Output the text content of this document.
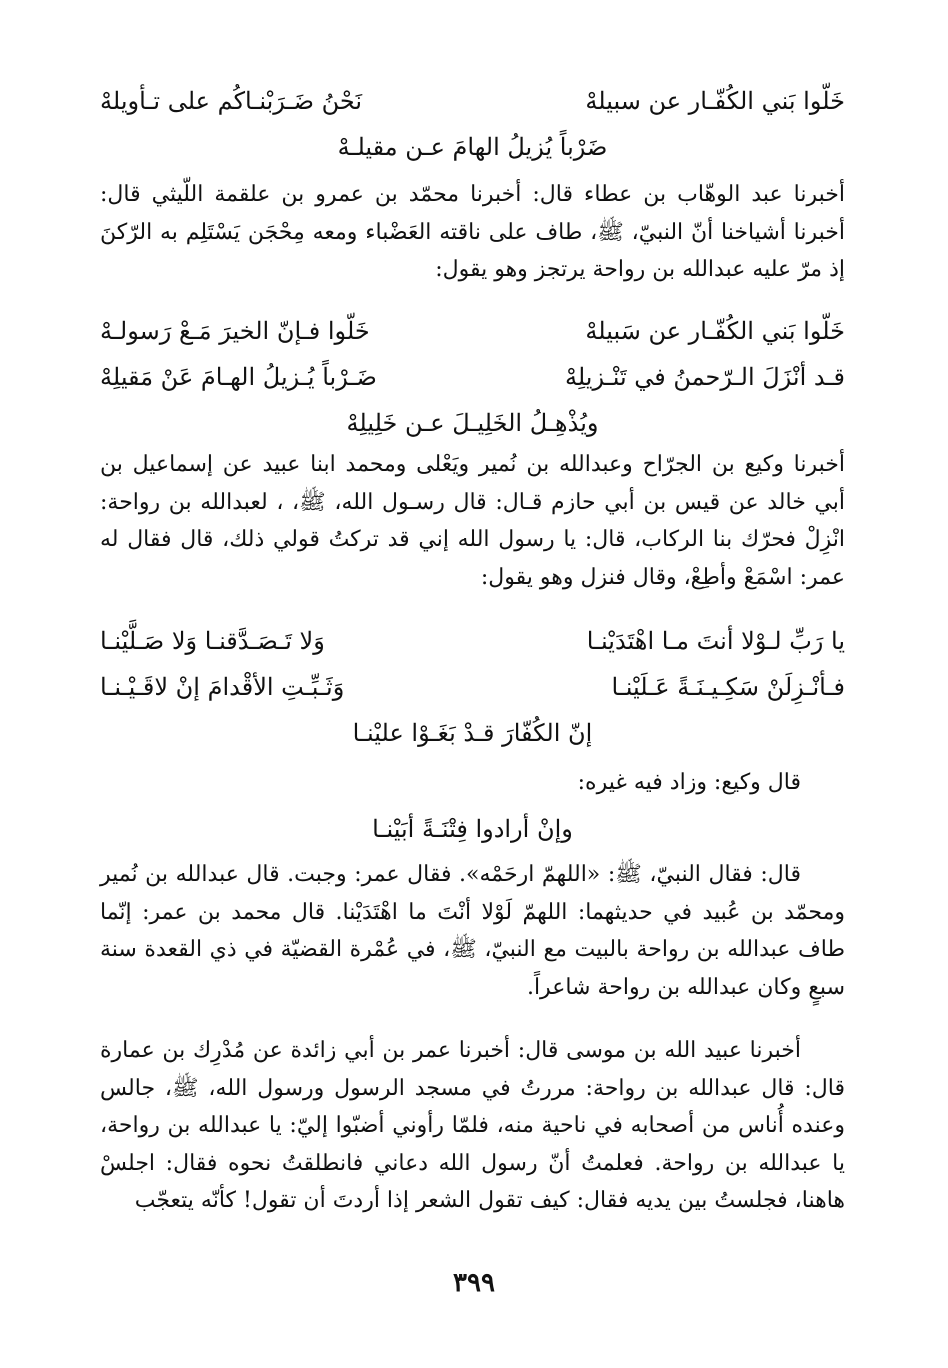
خَلّوا بَني الكُفّـار عن سبيلهْ
نَحْنُ ضَـرَبْنـاكُم على تـأويلهْ
ضَرْباً يُزيلُ الهامَ عـن مقيلـهْ

أخبرنا عبد الوهّاب بن عطاء قال: أخبرنا محمّد بن عمرو بن علقمة اللّيثي قال: أخبرنا أشياخنا أنّ النبيّ، ﷺ، طاف على ناقته العَضْباء ومعه مِحْجَن يَسْتَلِم به الرّكنَ إذ مرّ عليه عبدالله بن رواحة يرتجز وهو يقول:

خَلّوا بَني الكُفّـار عن سَبيلهْ
خَلّوا فـإنّ الخيرَ مَـعْ رَسولـهْ
قـد أنْزَلَ الـرّحمنُ في تَنْـزيلِهْ
ضَـرْباً يُـزيلُ الهـامَ عَنْ مَقيلِهْ
ويُذْهِـلُ الخَلِيـلَ عـن خَلِيلِهْ

أخبرنا وكيع بن الجرّاح وعبدالله بن نُمير ويَعْلى ومحمد ابنا عبيد عن إسماعيل بن أبي خالد عن قيس بن أبي حازم قـال: قال رسـول الله، ﷺ، ، لعبدالله بن رواحة: انْزِلْ فحرّك بنا الركاب، قال: يا رسول الله إني قد تركتُ قولي ذلك، قال فقال له عمر: اسْمَعْ وأطِعْ، وقال فنزل وهو يقول:

يا رَبِّ لـوْلا أنتَ مـا اهْتَدَيْنـا
وَلا تَـصَـدَّقنـا وَلا صَـلَّيْنـا
فـأنْـزِلَنْ سَكِـيـنَـةً عَـلَيْنـا
وَثَـبِّـتِ الأقْدامَ إنْ لاقَـيْـنـا
إنّ الكُفّارَ قـدْ بَغَـوْا عليْنـا

قال وكيع: وزاد فيه غيره:

وإنْ أرادوا فِتْنَـةً أبَيْنـا

قال: فقال النبيّ، ﷺ: «اللهمّ ارحَمْه». فقال عمر: وجبت. قال عبدالله بن نُمير ومحمّد بن عُبيد في حديثهما: اللهمّ لَوْلا أنْتَ ما اهْتَدَيْنا. قال محمد بن عمر: إنّما طاف عبدالله بن رواحة بالبيت مع النبيّ، ﷺ، في عُمْرة القضيّة في ذي القعدة سنة سبعٍ وكان عبدالله بن رواحة شاعراً.

أخبرنا عبيد الله بن موسى قال: أخبرنا عمر بن أبي زائدة عن مُدْرِك بن عمارة قال: قال عبدالله بن رواحة: مررتُ في مسجد الرسول ورسول الله، ﷺ، جالس وعنده أُناس من أصحابه في ناحية منه، فلمّا رأوني أضبّوا إليّ: يا عبدالله بن رواحة، يا عبدالله بن رواحة. فعلمتُ أنّ رسول الله دعاني فانطلقتُ نحوه فقال: اجلسْ هاهنا، فجلستُ بين يديه فقال: كيف تقول الشعر إذا أردتَ أن تقول! كأنّه يتعجّب

٣٩٩
